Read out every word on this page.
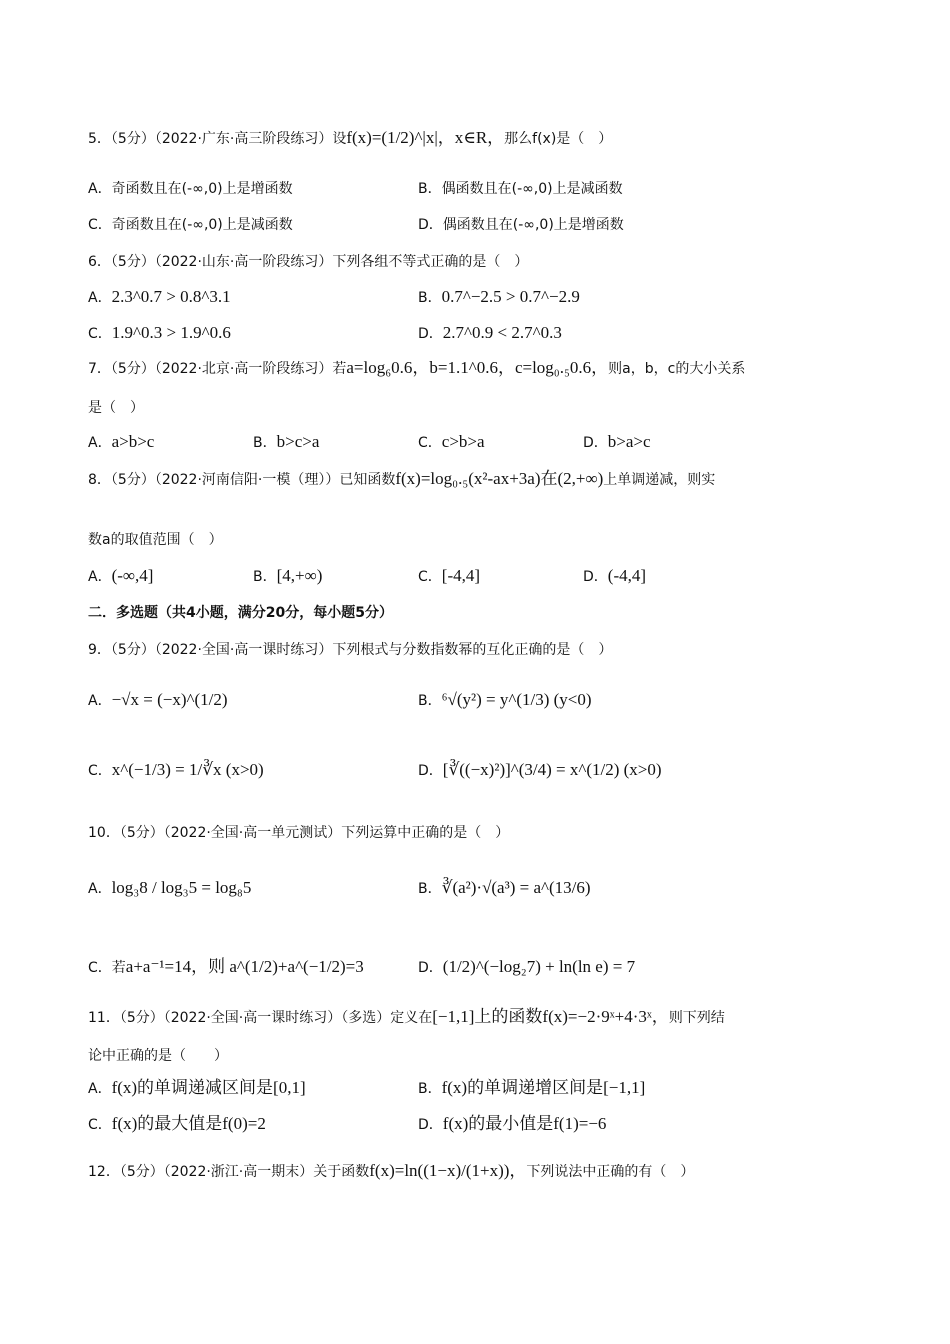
5．（5分）（2022·广东·高三阶段练习）设f(x)=(1/2)^|x|，x∈R，那么f(x)是（　）
A．奇函数且在(-∞,0)上是增函数	B．偶函数且在(-∞,0)上是减函数
C．奇函数且在(-∞,0)上是减函数	D．偶函数且在(-∞,0)上是增函数
6．（5分）（2022·山东·高一阶段练习）下列各组不等式正确的是（　）
A．2.3^0.7 > 0.8^3.1	B．0.7^−2.5 > 0.7^−2.9
C．1.9^0.3 > 1.9^0.6	D．2.7^0.9 < 2.7^0.3
7．（5分）（2022·北京·高一阶段练习）若a=log₆0.6，b=1.1^0.6，c=log₀.₅0.6，则a，b，c的大小关系
是（　）
A．a>b>c	B．b>c>a	C．c>b>a	D．b>a>c
8．（5分）（2022·河南信阳·一模（理））已知函数f(x)=log₀.₅(x²-ax+3a)在(2,+∞)上单调递减，则实
数a的取值范围（　）
A．(-∞,4]	B．[4,+∞)	C．[-4,4]	D．(-4,4]
二．多选题（共4小题，满分20分，每小题5分）
9．（5分）（2022·全国·高一课时练习）下列根式与分数指数幂的互化正确的是（　）
A．−√x = (−x)^(1/2)	B．⁶√(y²) = y^(1/3) (y<0)
C．x^(−1/3) = 1/∛x (x>0)	D．[∛((−x)²)]^(3/4) = x^(1/2) (x>0)
10．（5分）（2022·全国·高一单元测试）下列运算中正确的是（　）
A．log₃8 / log₃5 = log₈5	B．∛(a²)·√(a³) = a^(13/6)
C．若a+a⁻¹=14，则 a^(1/2)+a^(−1/2)=3	D．(1/2)^(−log₂7) + ln(ln e) = 7
11．（5分）（2022·全国·高一课时练习）（多选）定义在[−1,1]上的函数f(x)=−2·9ˣ+4·3ˣ，则下列结
论中正确的是（　　）
A．f(x)的单调递减区间是[0,1]	B．f(x)的单调递增区间是[−1,1]
C．f(x)的最大值是f(0)=2	D．f(x)的最小值是f(1)=−6
12．（5分）（2022·浙江·高一期末）关于函数f(x)=ln((1−x)/(1+x))，下列说法中正确的有（　）
